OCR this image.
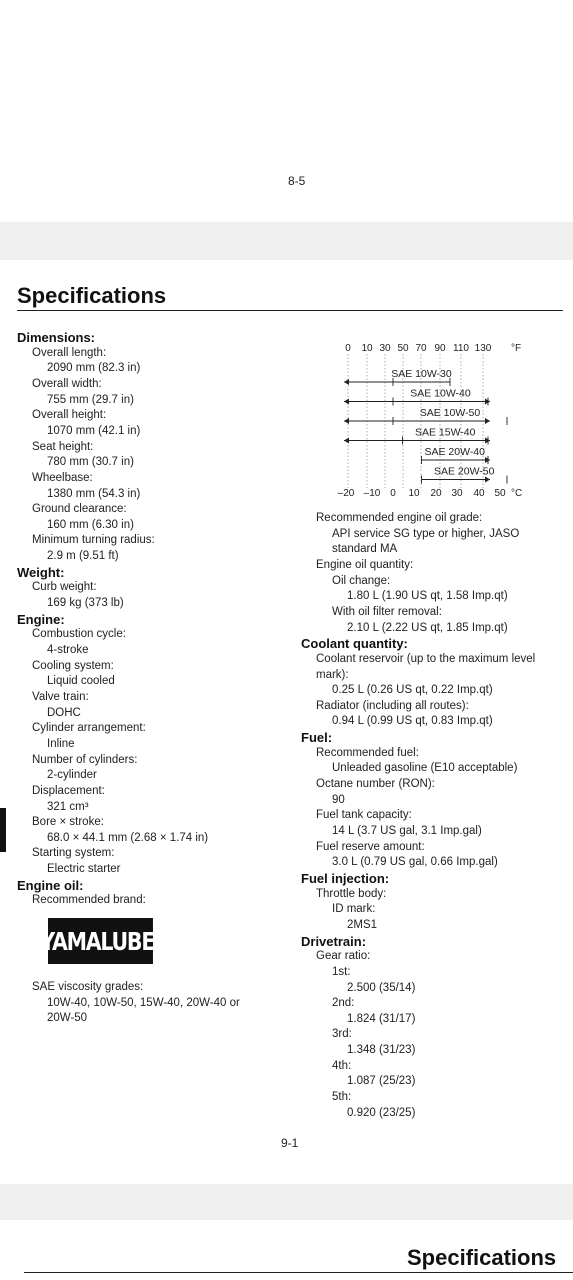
8-5
Specifications
Dimensions:
Overall length:
2090 mm (82.3 in)
Overall width:
755 mm (29.7 in)
Overall height:
1070 mm (42.1 in)
Seat height:
780 mm (30.7 in)
Wheelbase:
1380 mm (54.3 in)
Ground clearance:
160 mm (6.30 in)
Minimum turning radius:
2.9 m (9.51 ft)
Weight:
Curb weight:
169 kg (373 lb)
Engine:
Combustion cycle:
4-stroke
Cooling system:
Liquid cooled
Valve train:
DOHC
Cylinder arrangement:
Inline
Number of cylinders:
2-cylinder
Displacement:
321 cm³
Bore × stroke:
68.0 × 44.1 mm (2.68 × 1.74 in)
Starting system:
Electric starter
Engine oil:
Recommended brand:
YAMALUBE ®
SAE viscosity grades:
10W-40, 10W-50, 15W-40, 20W-40 or
20W-50
Recommended engine oil grade:
API service SG type or higher, JASO
standard MA
Engine oil quantity:
Oil change:
1.80 L (1.90 US qt, 1.58 Imp.qt)
With oil filter removal:
2.10 L (2.22 US qt, 1.85 Imp.qt)
Coolant quantity:
Coolant reservoir (up to the maximum level
mark):
0.25 L (0.26 US qt, 0.22 Imp.qt)
Radiator (including all routes):
0.94 L (0.99 US qt, 0.83 Imp.qt)
Fuel:
Recommended fuel:
Unleaded gasoline (E10 acceptable)
Octane number (RON):
90
Fuel tank capacity:
14 L (3.7 US gal, 3.1 Imp.gal)
Fuel reserve amount:
3.0 L (0.79 US gal, 0.66 Imp.gal)
Fuel injection:
Throttle body:
ID mark:
2MS1
Drivetrain:
Gear ratio:
1st:
2.500 (35/14)
2nd:
1.824 (31/17)
3rd:
1.348 (31/23)
4th:
1.087 (25/23)
5th:
0.920 (23/25)
0 10 30 50 70 90 110 130 °F
–20 –10 0 10 20 30 40 50 °C
SAE 10W-30
SAE 10W-40
SAE 10W-50
SAE 15W-40
SAE 20W-40
SAE 20W-50
9-1
Specifications
